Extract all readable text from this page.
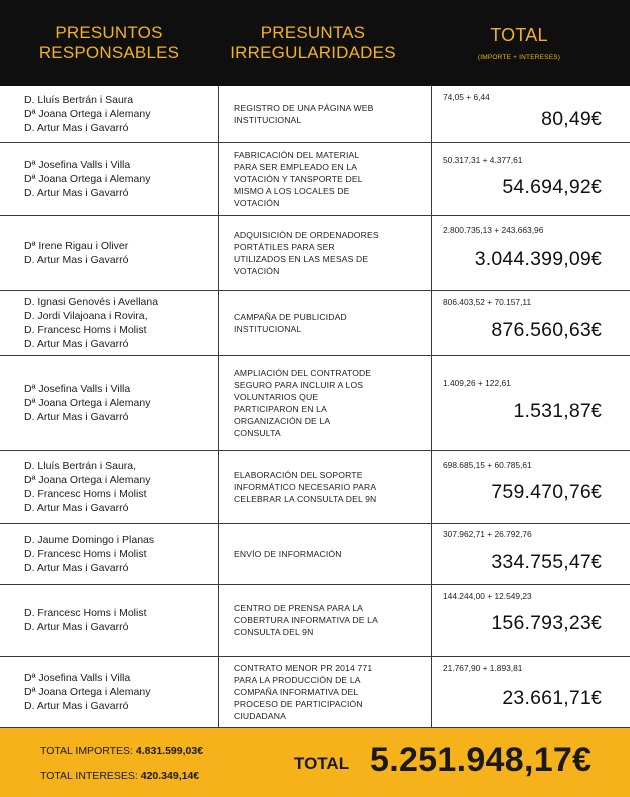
PRESUNTOS
RESPONSABLES
PRESUNTAS
IRREGULARIDADES
TOTAL
(IMPORTE + INTERESES)
D. Lluís Bertrán i Saura
Dª Joana Ortega i Alemany
D. Artur Mas i Gavarró
REGISTRO DE UNA PÁGINA WEB
INSTITUCIONAL
74,05 + 6,44
80,49€
Dª Josefina Valls i Villa
Dª Joana Ortega i Alemany
D. Artur Mas i Gavarró
FABRICACIÓN DEL MATERIAL
PARA SER EMPLEADO EN LA
VOTACIÓN Y TANSPORTE DEL
MISMO A LOS LOCALES DE
VOTACIÓN
50.317,31 + 4.377,61
54.694,92€
Dª Irene Rigau i Oliver
D. Artur Mas i Gavarró
ADQUISICIÓN DE ORDENADORES
PORTÁTILES PARA SER
UTILIZADOS EN LAS MESAS DE
VOTACIÓN
2.800.735,13 + 243.663,96
3.044.399,09€
D. Ignasi Genovés i Avellana
D. Jordi Vilajoana i Rovira,
D. Francesc Homs i Molist
D. Artur Mas i Gavarró
CAMPAÑA DE PUBLICIDAD
INSTITUCIONAL
806.403,52 + 70.157,11
876.560,63€
Dª Josefina Valls i Villa
Dª Joana Ortega i Alemany
D. Artur Mas i Gavarró
AMPLIACIÓN DEL CONTRATODE
SEGURO PARA INCLUIR A LOS
VOLUNTARIOS QUE
PARTICIPARON EN LA
ORGANIZACIÓN DE LA
CONSULTA
1.409,26 + 122,61
1.531,87€
D. Lluís Bertrán i Saura,
Dª Joana Ortega i Alemany
D. Francesc Homs i Molist
D. Artur Mas i Gavarró
ELABORACIÓN DEL SOPORTE
INFORMÁTICO NECESARIO PARA
CELEBRAR LA CONSULTA DEL 9N
698.685,15 + 60.785,61
759.470,76€
D. Jaume Domingo i Planas
D. Francesc Homs i Molist
D. Artur Mas i Gavarró
ENVÍO DE INFORMACIÓN
307.962,71 + 26.792,76
334.755,47€
D. Francesc Homs i Molist
D. Artur Mas i Gavarró
CENTRO DE PRENSA PARA LA
COBERTURA INFORMATIVA DE LA
CONSULTA DEL 9N
144.244,00 + 12.549,23
156.793,23€
Dª Josefina Valls i Villa
Dª Joana Ortega i Alemany
D. Artur Mas i Gavarró
CONTRATO MENOR PR 2014 771
PARA LA PRODUCCIÓN DE LA
COMPAÑA INFORMATIVA DEL
PROCESO DE PARTICIPACIÓN
CIUDADANA
21.767,90 + 1.893,81
23.661,71€
TOTAL IMPORTES: 4.831.599,03€
TOTAL INTERESES: 420.349,14€
TOTAL 5.251.948,17€
